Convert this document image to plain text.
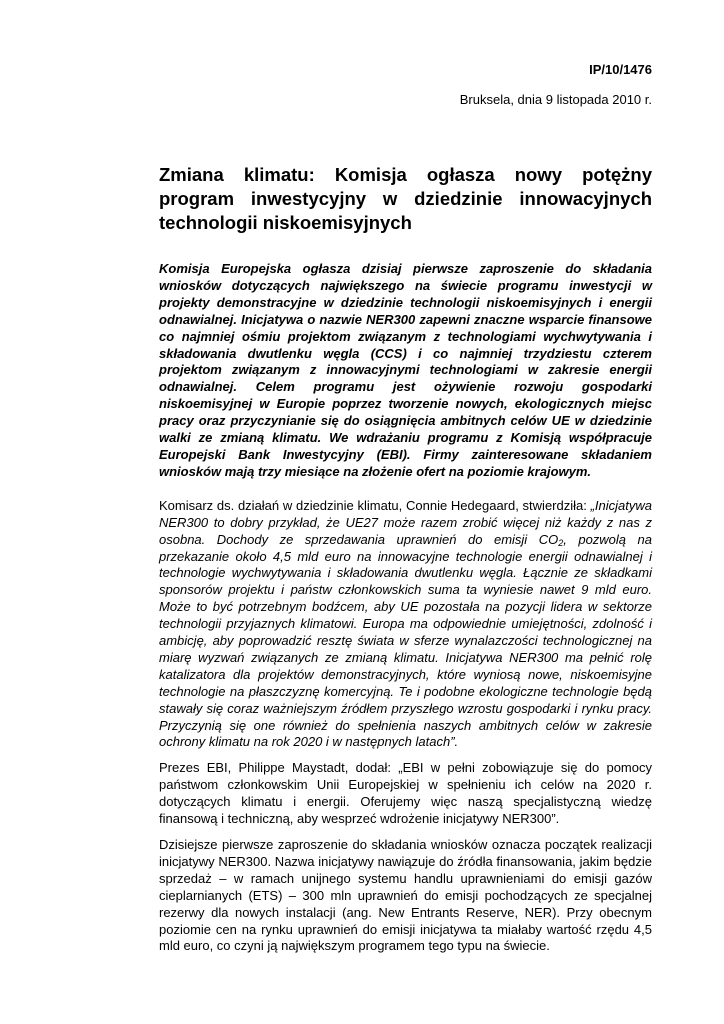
IP/10/1476
Bruksela, dnia 9 listopada 2010 r.
Zmiana klimatu: Komisja ogłasza nowy potężny program inwestycyjny w dziedzinie innowacyjnych technologii niskoemisyjnych

Komisja Europejska ogłasza dzisiaj pierwsze zaproszenie do składania wniosków dotyczących największego na świecie programu inwestycji w projekty demonstracyjne w dziedzinie technologii niskoemisyjnych i energii odnawialnej. Inicjatywa o nazwie NER300 zapewni znaczne wsparcie finansowe co najmniej ośmiu projektom związanym z technologiami wychwytywania i składowania dwutlenku węgla (CCS) i co najmniej trzydziestu czterem projektom związanym z innowacyjnymi technologiami w zakresie energii odnawialnej. Celem programu jest ożywienie rozwoju gospodarki niskoemisyjnej w Europie poprzez tworzenie nowych, ekologicznych miejsc pracy oraz przyczynianie się do osiągnięcia ambitnych celów UE w dziedzinie walki ze zmianą klimatu. We wdrażaniu programu z Komisją współpracuje Europejski Bank Inwestycyjny (EBI). Firmy zainteresowane składaniem wniosków mają trzy miesiące na złożenie ofert na poziomie krajowym.

Komisarz ds. działań w dziedzinie klimatu, Connie Hedegaard, stwierdziła: „Inicjatywa NER300 to dobry przykład, że UE27 może razem zrobić więcej niż każdy z nas z osobna. Dochody ze sprzedawania uprawnień do emisji $CO_2$, pozwolą na przekazanie około 4,5 mld euro na innowacyjne technologie energii odnawialnej i technologie wychwytywania i składowania dwutlenku węgla. Łącznie ze składkami sponsorów projektu i państw członkowskich suma ta wyniesie nawet 9 mld euro. Może to być potrzebnym bodźcem, aby UE pozostała na pozycji lidera w sektorze technologii przyjaznych klimatowi. Europa ma odpowiednie umiejętności, zdolność i ambicję, aby poprowadzić resztę świata w sferze wynalazczości technologicznej na miarę wyzwań związanych ze zmianą klimatu. Inicjatywa NER300 ma pełnić rolę katalizatora dla projektów demonstracyjnych, które wyniosą nowe, niskoemisyjne technologie na płaszczyznę komercyjną. Te i podobne ekologiczne technologie będą stawały się coraz ważniejszym źródłem przyszłego wzrostu gospodarki i rynku pracy. Przyczynią się one również do spełnienia naszych ambitnych celów w zakresie ochrony klimatu na rok 2020 i w następnych latach”.

Prezes EBI, Philippe Maystadt, dodał: „EBI w pełni zobowiązuje się do pomocy państwom członkowskim Unii Europejskiej w spełnieniu ich celów na 2020 r. dotyczących klimatu i energii. Oferujemy więc naszą specjalistyczną wiedzę finansową i techniczną, aby wesprzeć wdrożenie inicjatywy NER300”.

Dzisiejsze pierwsze zaproszenie do składania wniosków oznacza początek realizacji inicjatywy NER300. Nazwa inicjatywy nawiązuje do źródła finansowania, jakim będzie sprzedaż – w ramach unijnego systemu handlu uprawnieniami do emisji gazów cieplarnianych (ETS) – 300 mln uprawnień do emisji pochodzących ze specjalnej rezerwy dla nowych instalacji (ang. New Entrants Reserve, NER). Przy obecnym poziomie cen na rynku uprawnień do emisji inicjatywa ta miałaby wartość rzędu 4,5 mld euro, co czyni ją największym programem tego typu na świecie.
